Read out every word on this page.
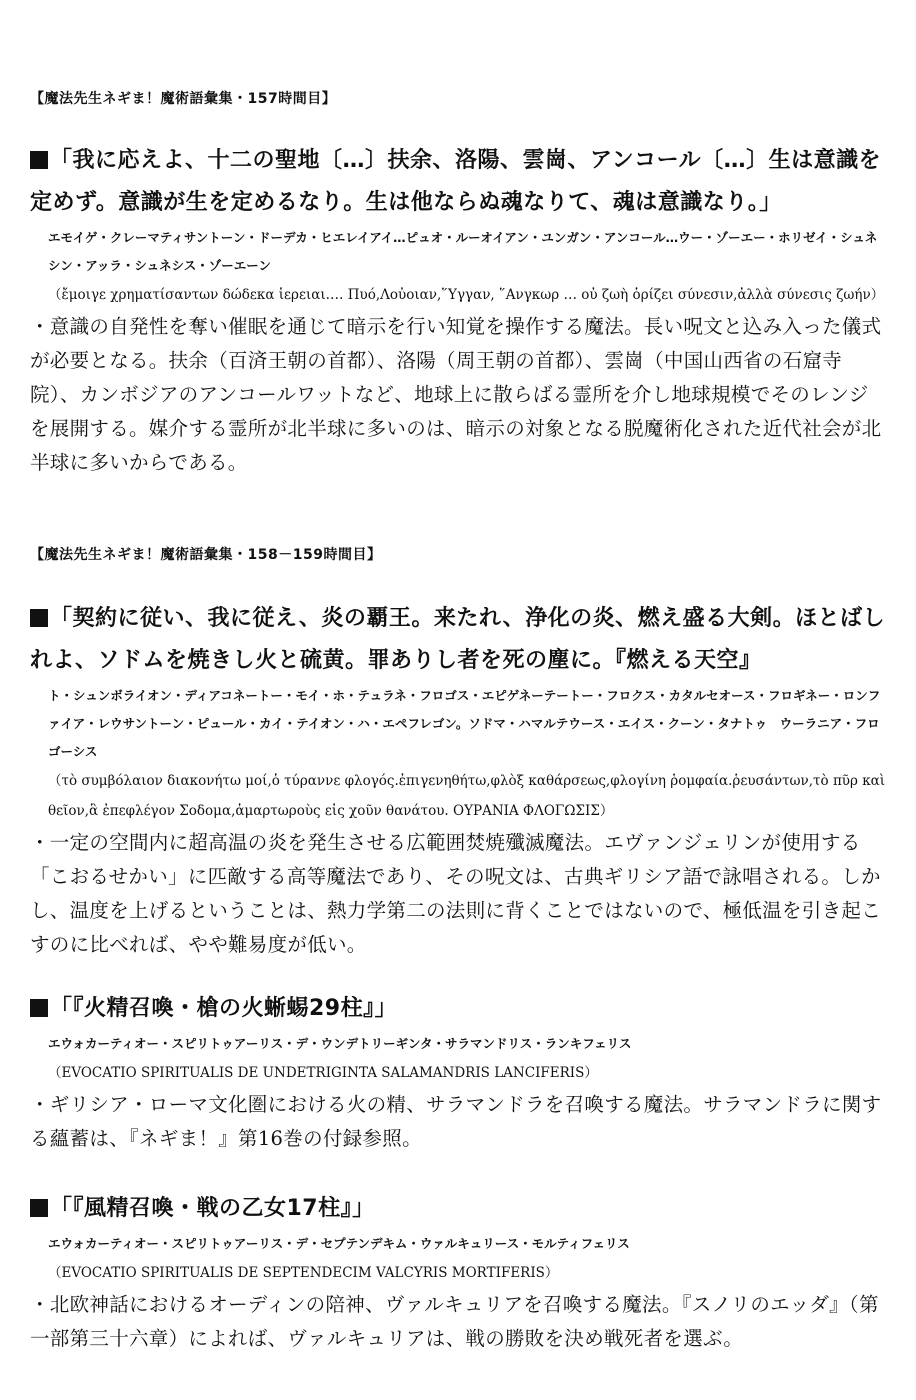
【魔法先生ネギま！魔術語彙集・157時間目】

「我に応えよ、十二の聖地〔…〕扶余、洛陽、雲崗、アンコール〔…〕生は意識を定めず。意識が生を定めるなり。生は他ならぬ魂なりて、魂は意識なり。」

エモイゲ・クレーマティサントーン・ドーデカ・ヒエレイアイ…ピュオ・ルーオイアン・ユンガン・アンコール…ウー・ゾーエー・ホリゼイ・シュネシン・アッラ・シュネシス・ゾーエーン

（ἔμοιγε χρηματίσαντων δώδεκα ἱερειαι.… Πυό,Λοὐοιαν,῞Υγγαν, ῞Ανγκωρ … οὐ ζωὴ ὁρίζει σύνεσιν,ἀλλὰ σύνεσις ζωήν）

・意識の自発性を奪い催眠を通じて暗示を行い知覚を操作する魔法。長い呪文と込み入った儀式が必要となる。扶余（百済王朝の首都）、洛陽（周王朝の首都）、雲崗（中国山西省の石窟寺院）、カンボジアのアンコールワットなど、地球上に散らばる霊所を介し地球規模でそのレンジを展開する。媒介する霊所が北半球に多いのは、暗示の対象となる脱魔術化された近代社会が北半球に多いからである。

【魔法先生ネギま！魔術語彙集・158－159時間目】

「契約に従い、我に従え、炎の覇王。来たれ、浄化の炎、燃え盛る大剣。ほとばしれよ、ソドムを焼きし火と硫黄。罪ありし者を死の塵に。『燃える天空』

ト・シュンボライオン・ディアコネートー・モイ・ホ・テュラネ・フロゴス・エピゲネーテートー・フロクス・カタルセオース・フロギネー・ロンファイア・レウサントーン・ピュール・カイ・テイオン・ハ・エペフレゴン。ソドマ・ハマルテウース・エイス・クーン・タナトゥ　ウーラニア・フロゴーシス

（τὸ συμβόλαιον διακονήτω μοί,ὁ τύραννε φλογός.ἐπιγενηθήτω,φλὸξ καθάρσεως,φλογίνη ῥομφαία.ῥευσάντων,τὸ πῦρ καὶ θεῖον,ἃ ἐπεφλέγον Σοδομα,ἁμαρτωροὺς εἰς χοῦν θανάτου. ΟΥΡΑΝΙΑ ΦΛΟΓΩΣΙΣ）

・一定の空間内に超高温の炎を発生させる広範囲焚焼殲滅魔法。エヴァンジェリンが使用する「こおるせかい」に匹敵する高等魔法であり、その呪文は、古典ギリシア語で詠唱される。しかし、温度を上げるということは、熱力学第二の法則に背くことではないので、極低温を引き起こすのに比べれば、やや難易度が低い。

「『火精召喚・槍の火蜥蜴29柱』」

エウォカーティオー・スピリトゥアーリス・デ・ウンデトリーギンタ・サラマンドリス・ランキフェリス

（EVOCATIO SPIRITUALIS DE UNDETRIGINTA SALAMANDRIS LANCIFERIS）

・ギリシア・ローマ文化圏における火の精、サラマンドラを召喚する魔法。サラマンドラに関する蘊蓄は、『ネギま！』第16巻の付録参照。

「『風精召喚・戦の乙女17柱』」

エウォカーティオー・スピリトゥアーリス・デ・セプテンデキム・ウァルキュリース・モルティフェリス

（EVOCATIO SPIRITUALIS DE SEPTENDECIM VALCYRIS MORTIFERIS）

・北欧神話におけるオーディンの陪神、ヴァルキュリアを召喚する魔法。『スノリのエッダ』（第一部第三十六章）によれば、ヴァルキュリアは、戦の勝敗を決め戦死者を選ぶ。
